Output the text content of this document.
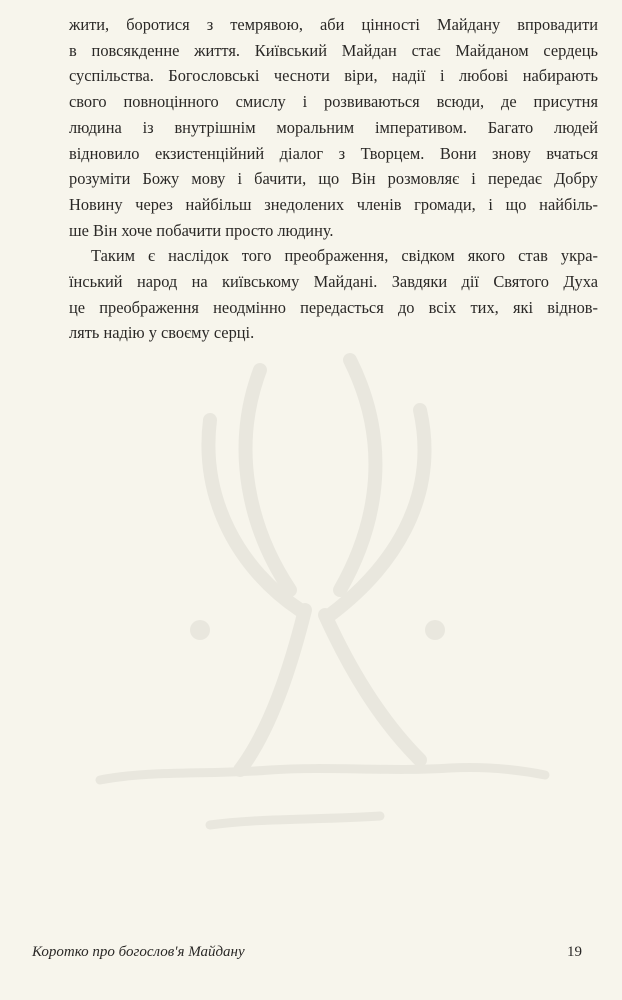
жити, боротися з темрявою, аби цінності Майдану впровадити
в повсякденне життя. Київський Майдан стає Майданом сердець
суспільства. Богословські чесноти віри, надії і любові набирають
свого повноцінного смислу і розвиваються всюди, де присутня
людина із внутрішнім моральним імперативом. Багато людей
відновило екзистенційний діалог з Творцем. Вони знову вчаться
розуміти Божу мову і бачити, що Він розмовляє і передає Добру
Новину через найбільш знедолених членів громади, і що найбіль-
ше Він хоче побачити просто людину.
Таким є наслідок того преображення, свідком якого став укра-
їнський народ на київському Майдані. Завдяки дії Святого Духа
це преображення неодмінно передасться до всіх тих, які віднов-
лять надію у своєму серці.
Коротко про богослов'я Майдану	19
